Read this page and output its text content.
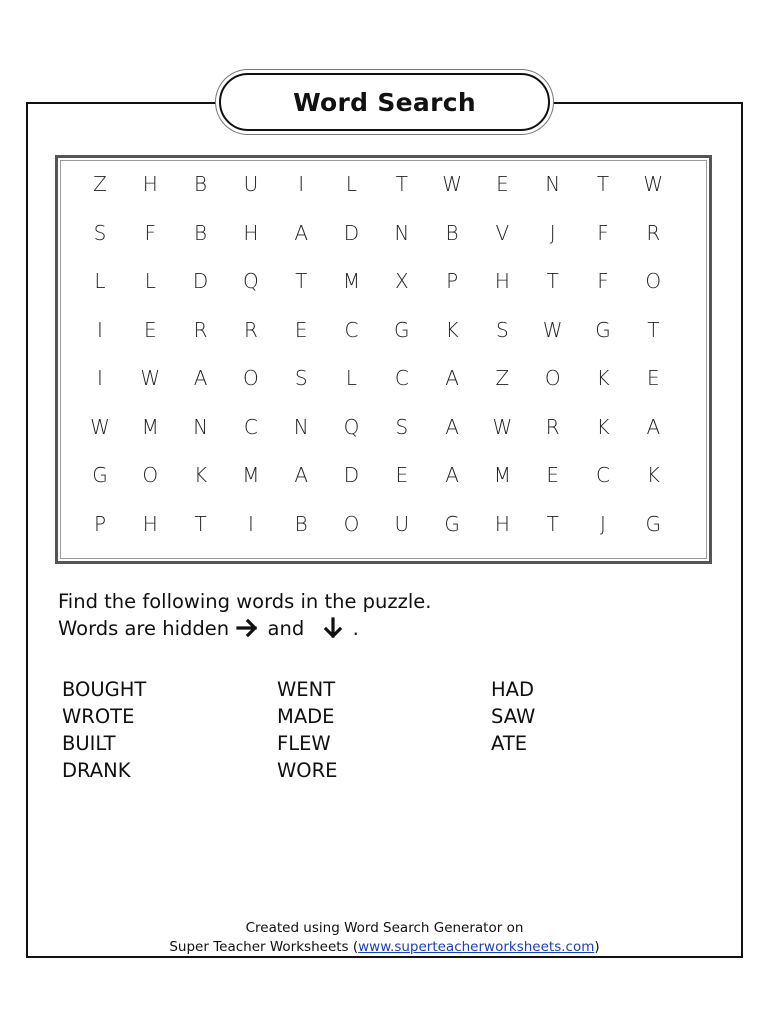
Word Search
Z	H	B	U	I	L	T	W	E	N	T	W
S	F	B	H	A	D	N	B	V	J	F	R
L	L	D	Q	T	M	X	P	H	T	F	O
I	E	R	R	E	C	G	K	S	W	G	T
I	W	A	O	S	L	C	A	Z	O	K	E
W	M	N	C	N	Q	S	A	W	R	K	A
G	O	K	M	A	D	E	A	M	E	C	K
P	H	T	I	B	O	U	G	H	T	J	G
Find the following words in the puzzle.
Words are hidden and .
BOUGHT
WROTE
BUILT
DRANK
WENT
MADE
FLEW
WORE
HAD
SAW
ATE
Created using Word Search Generator on
Super Teacher Worksheets (www.superteacherworksheets.com)
